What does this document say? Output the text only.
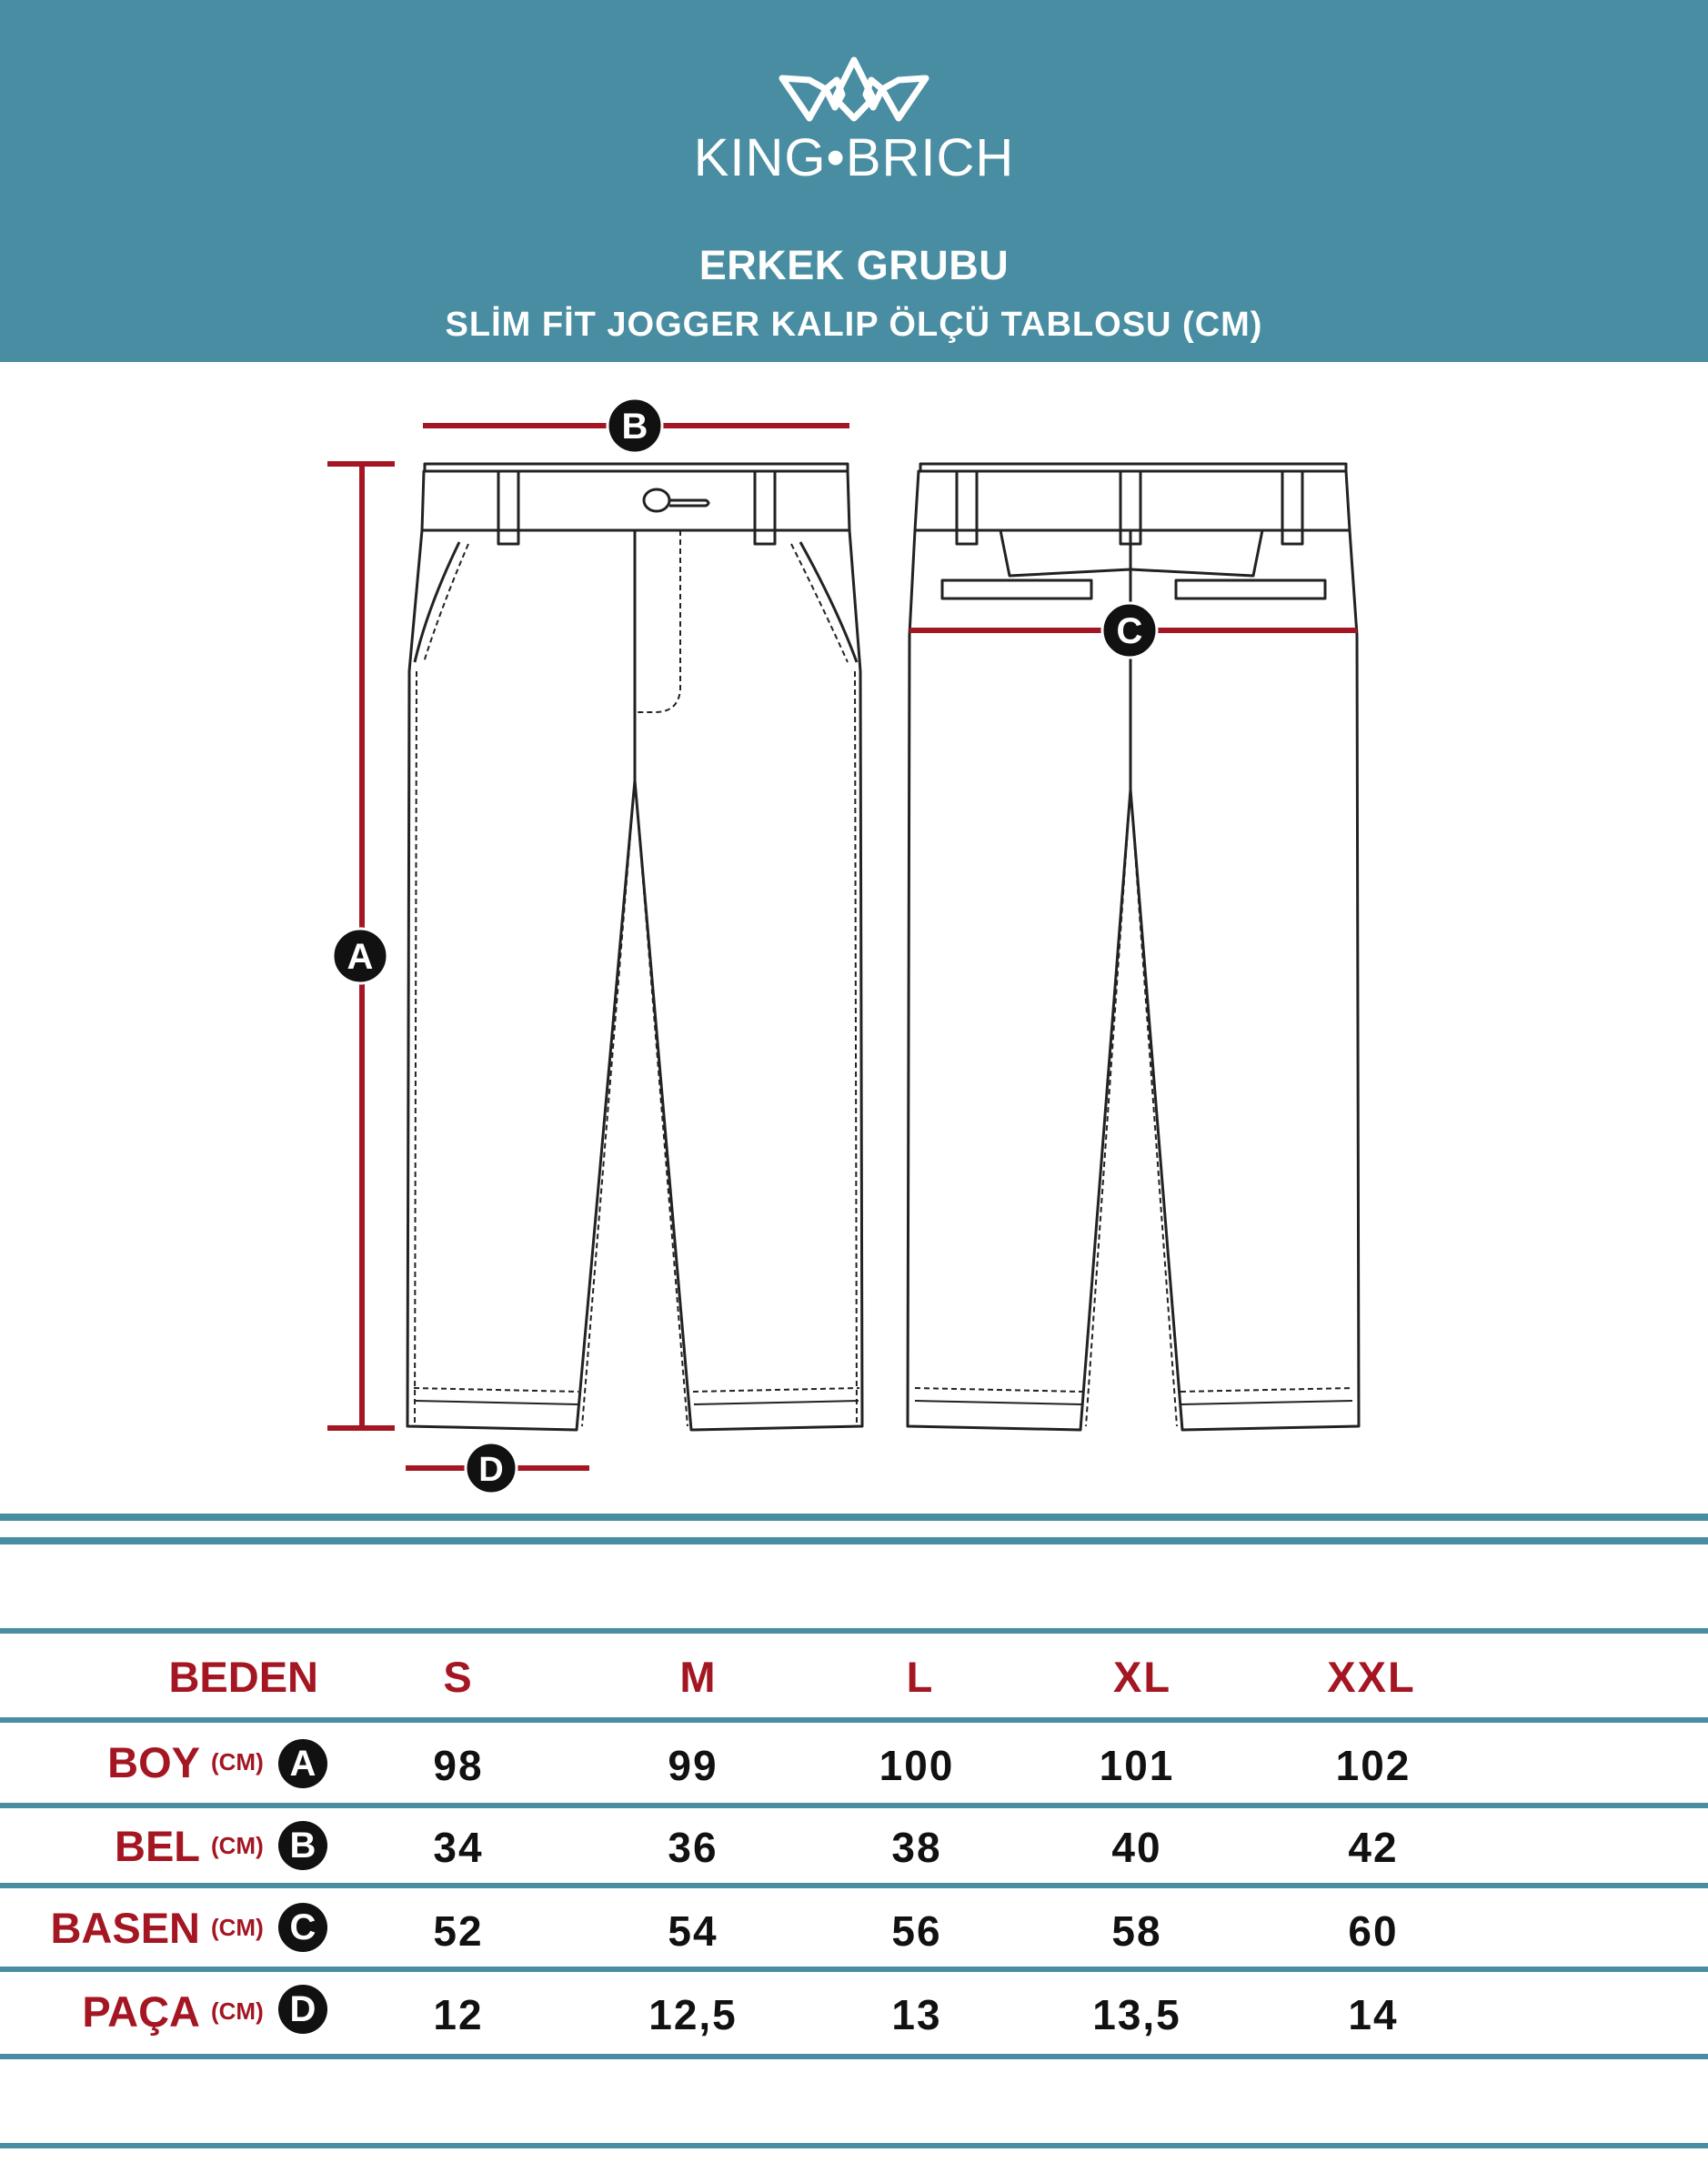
KING•BRICH
ERKEK GRUBU
SLİM FİT JOGGER KALIP ÖLÇÜ TABLOSU (CM)
B
A
C
D
BEDEN	S	M	L	XL	XXL
BOY (CM) A	98	99	100	101	102
BEL (CM) B	34	36	38	40	42
BASEN (CM) C	52	54	56	58	60
PAÇA (CM) D	12	12,5	13	13,5	14
